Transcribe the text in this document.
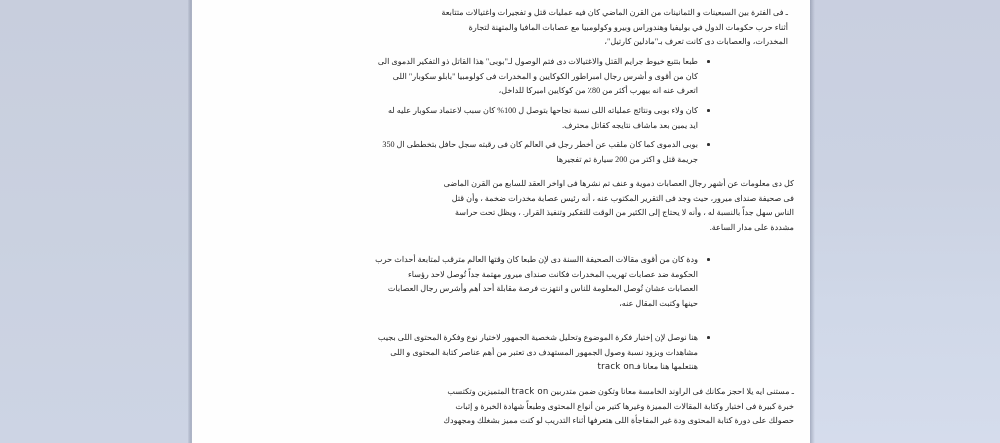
ـ فى الفترة بين السبعينات و الثمانينات من القرن الماضي كان فيه عمليات قتل و تفجيرات واغتيالات متتابعة
أثناء حرب حكومات الدول في بوليفيا وهندوراس وبيرو وكولومبيا مع عصابات المافيا والمتهنة لتجارة
المخدرات، والعصابات دى كانت تعرف بـ"مادلين كارتيل"،
طبعا بتتبع خيوط جرايم القتل والاغتيالات دى فتم الوصول لـ"بوبى" هذا القاتل ذو التفكير الدموى الى
كان من أقوى و أشرس رجال امبراطور الكوكايين و المخدرات فى كولومبيا "بابلو سكوبار" اللى
اتعرف عنه انه بيهرب أكثر من 80٪ من كوكايين اميركا للداخل،
كان ولاء بوبى ونتائج عملياته اللى نسبة نجاحها بتوصل ل 100% كان سبب لاعتماد سكوبار عليه له
ايد يمين بعد ماشاف نتايجه كقاتل محترف.
بوبى الدموى كما كان ملقب عن أخطر رجل في العالم كان فى رقبته سجل حافل بتخططى ال 350
جريمة قتل و اكتر من 200 سيارة تم تفجيرها
كل دى معلومات عن أشهر رجال العصابات دموية و عنف تم نشرها فى اواخر العقد للسابع من القرن الماضى
فى صحيفة صنداى ميرور، حيث وجد فى التقرير المكتوب عنه ، أنه رئيس عصابة مخدرات ضخمة ، وأن قتل
الناس سهل جداً بالنسبة له ، وأنه لا يحتاج إلى الكثير من الوقت للتفكير وتنفيذ القرار. ، ويظل تحت حراسة
مشددة على مدار الساعة.
ودة كان من أقوى مقالات الصحيفة االسنة دى لإن طبعا كان وقتها العالم مترقب لمتابعة أحداث حرب
الحكومة ضد عصابات تهريب المخدرات فكانت صنداى ميرور مهتمة جداً تُوصل لاحد رؤساء
العصابات عشان تُوصل المعلومة للناس و انتهزت فرصة مقابلة أحد أهم وأشرس رجال العصابات
حينها وكتبت المقال عنه،
هنا نوصل لإن إختيار فكرة الموضوع وتحليل شخصية الجمهور لاختيار نوع وفكرة المحتوى اللى بجيب
مشاهدات وبزود نسبة وصول الجمهور المستهدف دى تعتبر من أهم عناصر كتابة المحتوى و اللى
هنتعلمها هنا معانا فـtrack on
ـ مستنى ايه يلا احجز مكانك فى الراوند الخامسة معانا وتكون ضمن متدربين track on المتميزين وتكتسب
خبرة كبيرة فى اختبار وكتابة المقالات المميزة وغيرها كتير من أنواع المحتوى وطبعاً شهادة الخبرة و إثبات
حصولك على دورة كتابة المحتوى ودة غير المفاجأة اللى هتعرفها أثناء التدريب لو كنت مميز بشغلك ومجهودك
